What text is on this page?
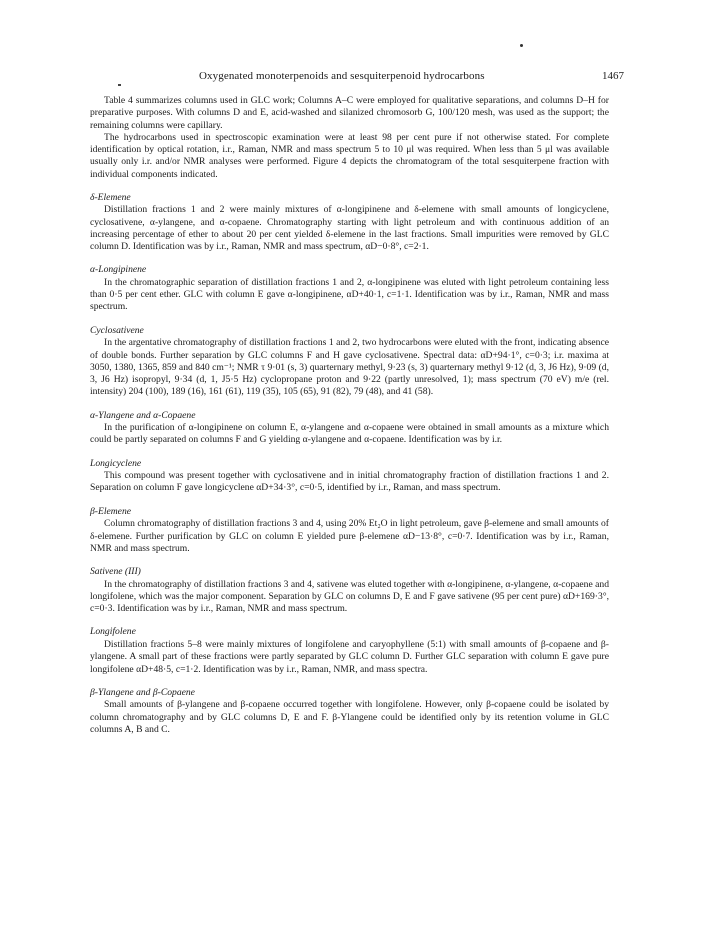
Oxygenated monoterpenoids and sesquiterpenoid hydrocarbons	1467

Table 4 summarizes columns used in GLC work; Columns A–C were employed for qualitative separations, and columns D–H for preparative purposes. With columns D and E, acid-washed and silanized chromosorb G, 100/120 mesh, was used as the support; the remaining columns were capillary.

The hydrocarbons used in spectroscopic examination were at least 98 per cent pure if not otherwise stated. For complete identification by optical rotation, i.r., Raman, NMR and mass spectrum 5 to 10 μl was required. When less than 5 μl was available usually only i.r. and/or NMR analyses were performed. Figure 4 depicts the chromatogram of the total sesquiterpene fraction with individual components indicated.

δ-Elemene

Distillation fractions 1 and 2 were mainly mixtures of α-longipinene and δ-elemene with small amounts of longicyclene, cyclosativene, α-ylangene, and α-copaene. Chromatography starting with light petroleum and with continuous addition of an increasing percentage of ether to about 20 per cent yielded δ-elemene in the last fractions. Small impurities were removed by GLC column D. Identification was by i.r., Raman, NMR and mass spectrum, αD−0·8°, c=2·1.

α-Longipinene

In the chromatographic separation of distillation fractions 1 and 2, α-longipinene was eluted with light petroleum containing less than 0·5 per cent ether. GLC with column E gave α-longipinene, αD+40·1, c=1·1. Identification was by i.r., Raman, NMR and mass spectrum.

Cyclosativene

In the argentative chromatography of distillation fractions 1 and 2, two hydrocarbons were eluted with the front, indicating absence of double bonds. Further separation by GLC columns F and H gave cyclosativene. Spectral data: αD+94·1°, c=0·3; i.r. maxima at 3050, 1380, 1365, 859 and 840 cm⁻¹; NMR τ 9·01 (s, 3) quarternary methyl, 9·23 (s, 3) quarternary methyl 9·12 (d, 3, J6 Hz), 9·09 (d, 3, J6 Hz) isopropyl, 9·34 (d, 1, J5·5 Hz) cyclopropane proton and 9·22 (partly unresolved, 1); mass spectrum (70 eV) m/e (rel. intensity) 204 (100), 189 (16), 161 (61), 119 (35), 105 (65), 91 (82), 79 (48), and 41 (58).

α-Ylangene and α-Copaene

In the purification of α-longipinene on column E, α-ylangene and α-copaene were obtained in small amounts as a mixture which could be partly separated on columns F and G yielding α-ylangene and α-copaene. Identification was by i.r.

Longicyclene

This compound was present together with cyclosativene and in initial chromatography fraction of distillation fractions 1 and 2. Separation on column F gave longicyclene αD+34·3°, c=0·5, identified by i.r., Raman, and mass spectrum.

β-Elemene

Column chromatography of distillation fractions 3 and 4, using 20% Et₂O in light petroleum, gave β-elemene and small amounts of δ-elemene. Further purification by GLC on column E yielded pure β-elemene αD−13·8°, c=0·7. Identification was by i.r., Raman, NMR and mass spectrum.

Sativene (III)

In the chromatography of distillation fractions 3 and 4, sativene was eluted together with α-longipinene, α-ylangene, α-copaene and longifolene, which was the major component. Separation by GLC on columns D, E and F gave sativene (95 per cent pure) αD+169·3°, c=0·3. Identification was by i.r., Raman, NMR and mass spectrum.

Longifolene

Distillation fractions 5–8 were mainly mixtures of longifolene and caryophyllene (5:1) with small amounts of β-copaene and β-ylangene. A small part of these fractions were partly separated by GLC column D. Further GLC separation with column E gave pure longifolene αD+48·5, c=1·2. Identification was by i.r., Raman, NMR, and mass spectra.

β-Ylangene and β-Copaene

Small amounts of β-ylangene and β-copaene occurred together with longifolene. However, only β-copaene could be isolated by column chromatography and by GLC columns D, E and F. β-Ylangene could be identified only by its retention volume in GLC columns A, B and C.
